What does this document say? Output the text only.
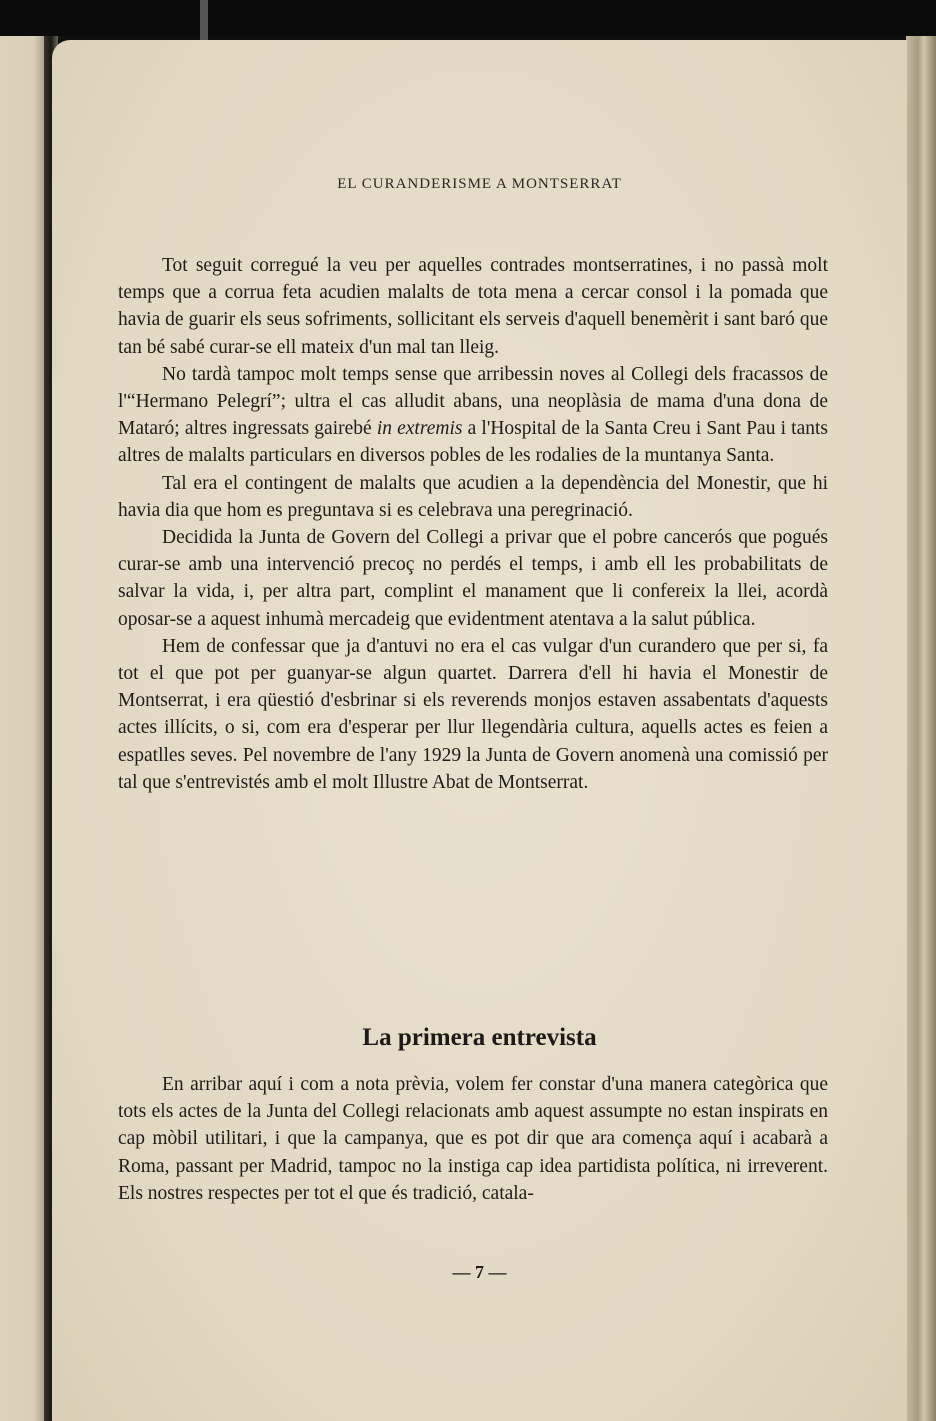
EL CURANDERISME A MONTSERRAT

Tot seguit corregué la veu per aquelles contrades montserratines, i no passà molt temps que a corrua feta acudien malalts de tota mena a cercar consol i la pomada que havia de guarir els seus sofriments, sollicitant els serveis d'aquell benemèrit i sant baró que tan bé sabé curar-se ell mateix d'un mal tan lleig.

No tardà tampoc molt temps sense que arribessin noves al Collegi dels fracassos de l'“Hermano Pelegrí”; ultra el cas alludit abans, una neoplàsia de mama d'una dona de Mataró; altres ingressats gairebé in extremis a l'Hospital de la Santa Creu i Sant Pau i tants altres de malalts particulars en diversos pobles de les rodalies de la muntanya Santa.

Tal era el contingent de malalts que acudien a la dependència del Monestir, que hi havia dia que hom es preguntava si es celebrava una peregrinació.

Decidida la Junta de Govern del Collegi a privar que el pobre cancerós que pogués curar-se amb una intervenció precoç no perdés el temps, i amb ell les probabilitats de salvar la vida, i, per altra part, complint el manament que li confereix la llei, acordà oposar-se a aquest inhumà mercadeig que evidentment atentava a la salut pública.

Hem de confessar que ja d'antuvi no era el cas vulgar d'un curandero que per si, fa tot el que pot per guanyar-se algun quartet. Darrera d'ell hi havia el Monestir de Montserrat, i era qüestió d'esbrinar si els reverends monjos estaven assabentats d'aquests actes illícits, o si, com era d'esperar per llur llegendària cultura, aquells actes es feien a espatlles seves. Pel novembre de l'any 1929 la Junta de Govern anomenà una comissió per tal que s'entrevistés amb el molt Illustre Abat de Montserrat.

La primera entrevista

En arribar aquí i com a nota prèvia, volem fer constar d'una manera categòrica que tots els actes de la Junta del Collegi relacionats amb aquest assumpte no estan inspirats en cap mòbil utilitari, i que la campanya, que es pot dir que ara comença aquí i acabarà a Roma, passant per Madrid, tampoc no la instiga cap idea partidista política, ni irreverent. Els nostres respectes per tot el que és tradició, catala-

— 7 —
